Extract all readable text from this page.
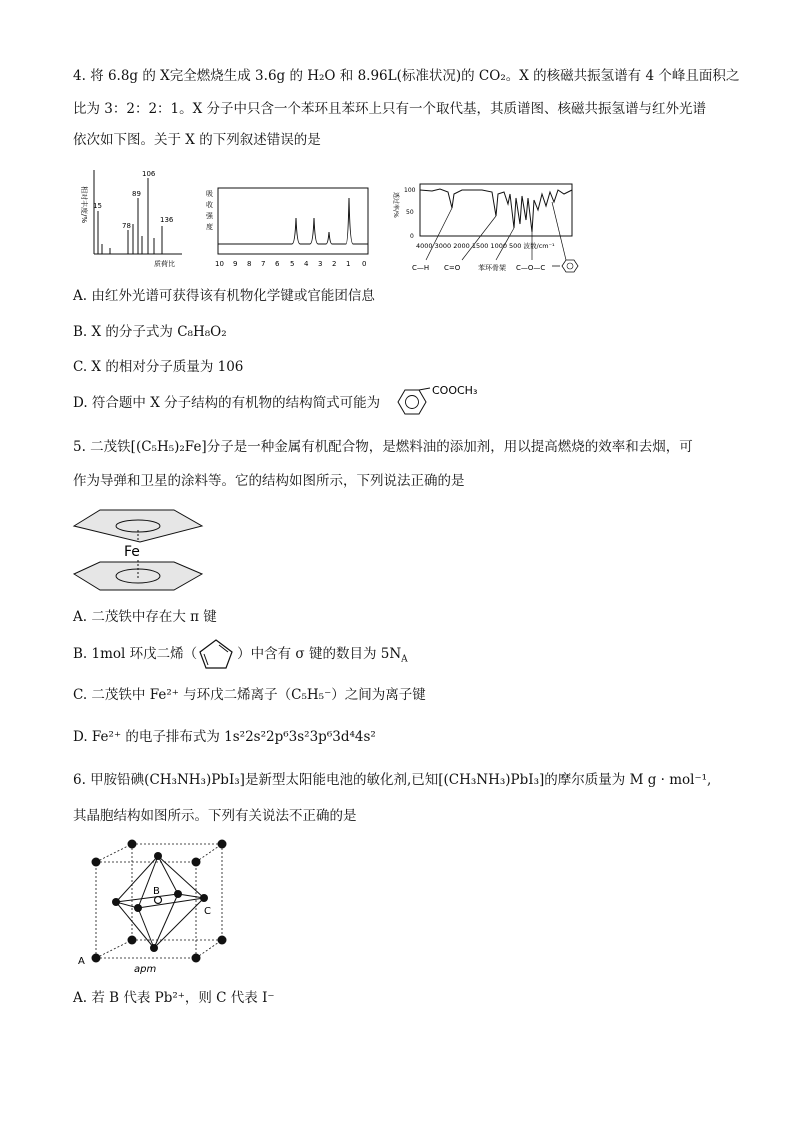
4. 将 6.8g 的 X完全燃烧生成 3.6g 的 H₂O 和 8.96L(标准状况)的 CO₂。X 的核磁共振氢谱有 4 个峰且面积之
比为 3：2：2：1。X 分子中只含一个苯环且苯环上只有一个取代基，其质谱图、核磁共振氢谱与红外光谱
依次如下图。关于 X 的下列叙述错误的是
相对丰度/% 15
78
89
106
136
质荷比
吸
收
强
度
10 9 8 7 6 5 4 3 2 1 0
透过率/%
100
50
0
4000 3000 2000 1500 1000 500 波数/cm⁻¹
C—H C=O	苯环骨架 C—O—C
A. 由红外光谱可获得该有机物化学键或官能团信息
B. X 的分子式为 C₈H₈O₂
C. X 的相对分子质量为 106
D. 符合题中 X 分子结构的有机物的结构简式可能为
COOCH₃
5. 二茂铁[(C₅H₅)₂Fe]分子是一种金属有机配合物，是燃料油的添加剂，用以提高燃烧的效率和去烟，可
作为导弹和卫星的涂料等。它的结构如图所示，下列说法正确的是
Fe
A. 二茂铁中存在大 π 键
B. 1mol 环戊二烯（	）中含有 σ 键的数目为 $5N_A$
C. 二茂铁中 Fe²⁺ 与环戊二烯离子（C₅H₅⁻）之间为离子键
D. Fe²⁺ 的电子排布式为 1s²2s²2p⁶3s²3p⁶3d⁴4s²
6. 甲胺铅碘(CH₃NH₃)PbI₃]是新型太阳能电池的敏化剂,已知[(CH₃NH₃)PbI₃]的摩尔质量为 M g · mol⁻¹,
其晶胞结构如图所示。下列有关说法不正确的是
B
C
A
apm
A. 若 B 代表 Pb²⁺，则 C 代表 I⁻
